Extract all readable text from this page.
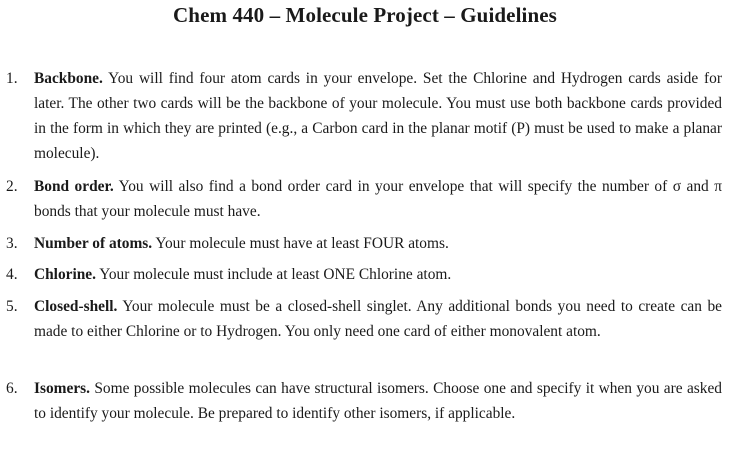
Chem 440 – Molecule Project – Guidelines
1.	Backbone. You will find four atom cards in your envelope. Set the Chlorine and Hydrogen cards aside for later. The other two cards will be the backbone of your molecule. You must use both backbone cards provided in the form in which they are printed (e.g., a Carbon card in the planar motif (P) must be used to make a planar molecule).
2.	Bond order. You will also find a bond order card in your envelope that will specify the number of σ and π bonds that your molecule must have.
3.	Number of atoms. Your molecule must have at least FOUR atoms.
4.	Chlorine. Your molecule must include at least ONE Chlorine atom.
5.	Closed-shell. Your molecule must be a closed-shell singlet. Any additional bonds you need to create can be made to either Chlorine or to Hydrogen. You only need one card of either monovalent atom.
6.	Isomers. Some possible molecules can have structural isomers. Choose one and specify it when you are asked to identify your molecule. Be prepared to identify other isomers, if applicable.
